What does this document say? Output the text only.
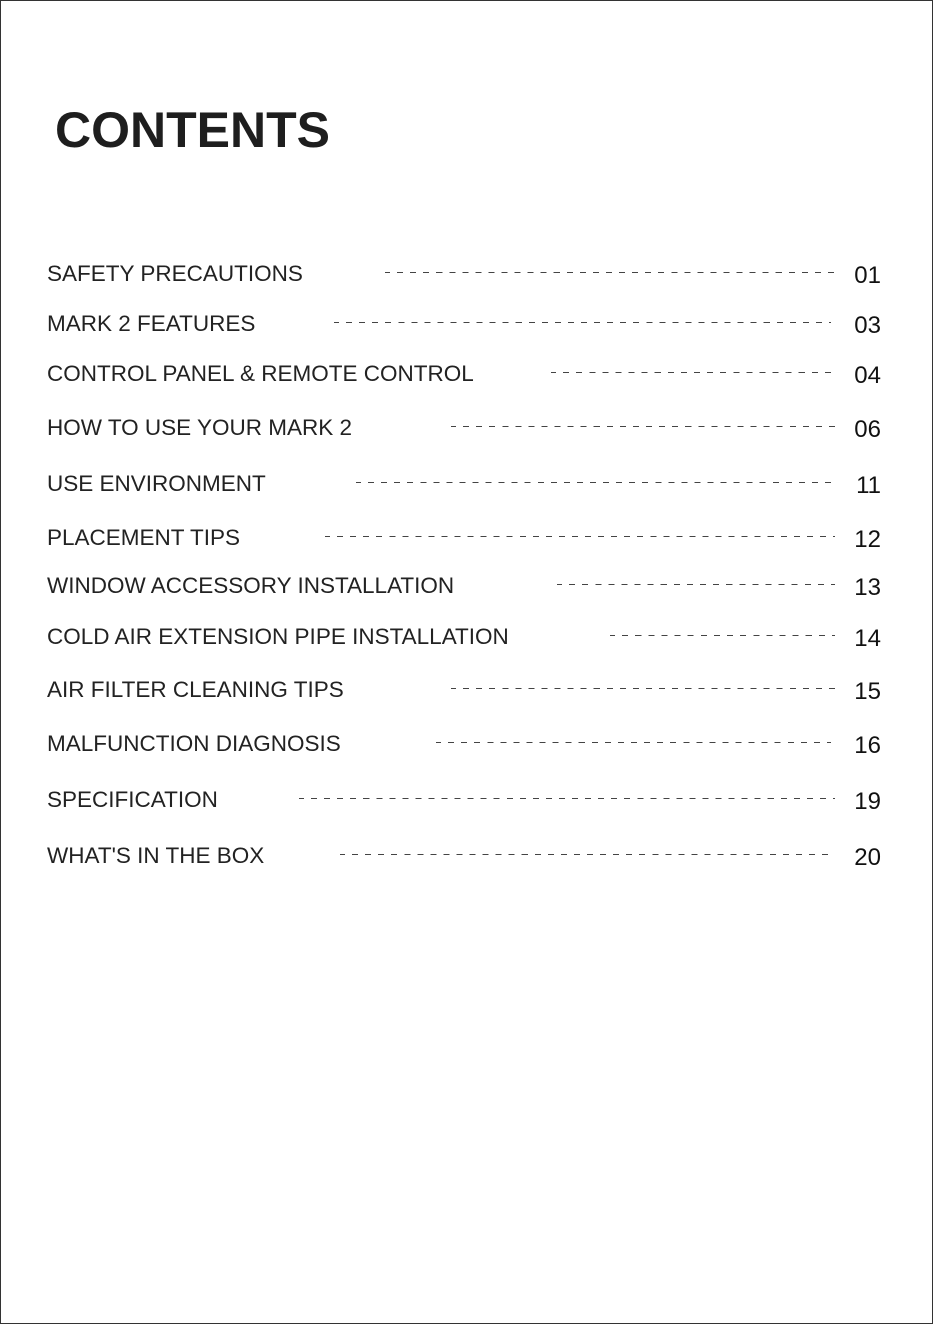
CONTENTS
SAFETY PRECAUTIONS	01
MARK 2 FEATURES	03
CONTROL PANEL & REMOTE CONTROL	04
HOW TO USE YOUR MARK 2	06
USE ENVIRONMENT	11
PLACEMENT TIPS	12
WINDOW ACCESSORY INSTALLATION	13
COLD AIR EXTENSION PIPE INSTALLATION	14
AIR FILTER CLEANING TIPS	15
MALFUNCTION DIAGNOSIS	16
SPECIFICATION	19
WHAT'S IN THE BOX	20
